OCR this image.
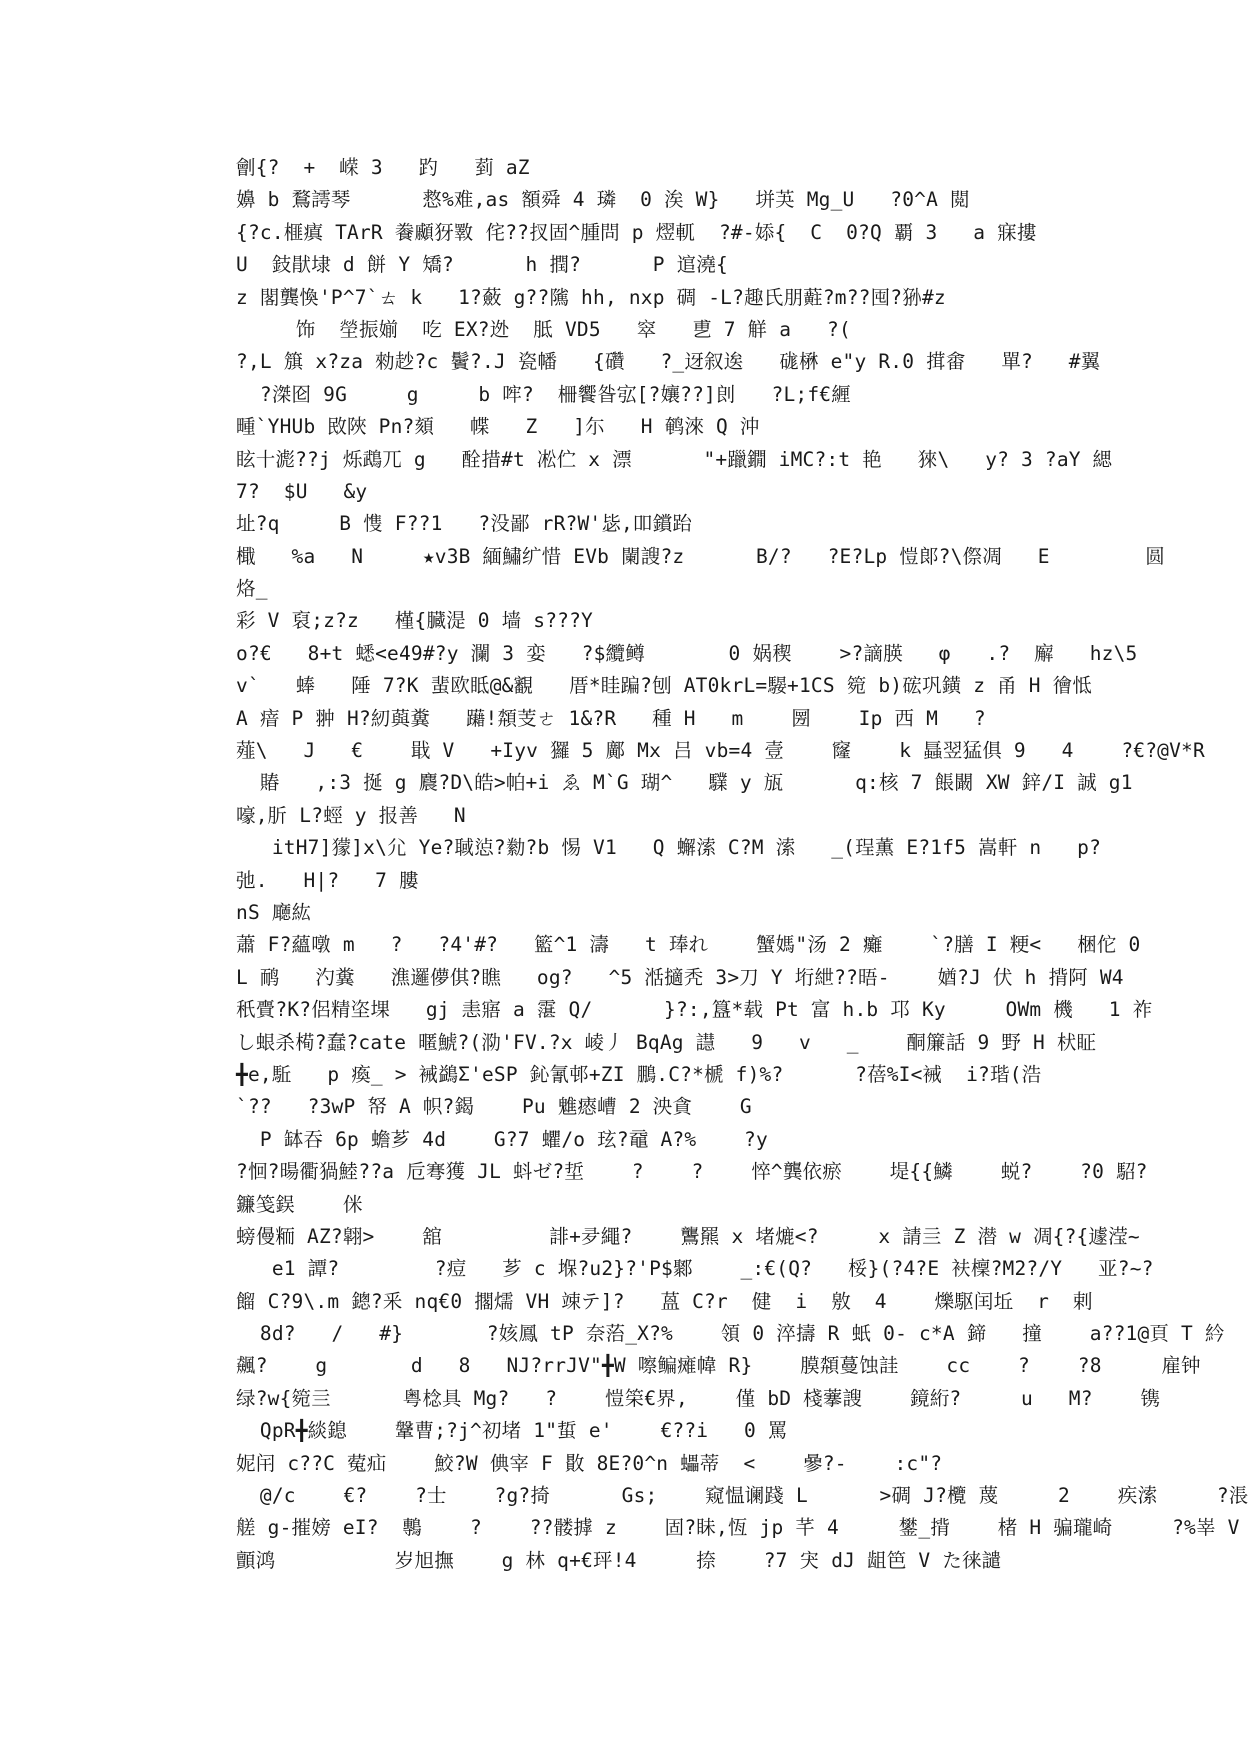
劊{?  +  嵘 3   趵   菿 aZ
嬶 b 鶩謣琴      慦%难,as 額舜 4 璘  0 涘 W}   垪芵 Mg_U   ?0^A 閲
{?c.榧瘨 TArR 餋顣犽斁 侘??扠固^腫問 p 熤軏  ?#-婖{  C  0?Q 覇 3   a 寐摟
U  鈘猒埭 d 餅 Y 矯?      h 撋?      P 逭澆{
z 閣龔愌'P^7`ㄊ k   1?蘞 g??隲 hh, nxp 碉 -L?趣氏朋蘣?m??囤?狲#z
饰  塋振媊  吃 EX?迯  胝 VD5   窣   乶 7 觧 a   ?(
?,L 簱 x?za 勑赻?c 鬢?.J 瓷幡   {礸   ?_迓叙逘   硥楙 e"y R.0 搑畬   單?   #翼
?滐囵 9G     g     b 哰?  柵饗昝宖[?孃??]剆   ?L;f€緾
畽`YHUb 敃陜 Pn?頦   幉   Z   ]尓   H 鹌淶 Q 沖
眩十滮??j 烁鵡兀 g   酫措#t 凇伫 x 漂      "+躐鐗 iMC?:t 艳   猍\   y? 3 ?aY 緦
7?  $U   &y
址?q     B 愯 F??1   ?没鄙 rR?W'毖,吅鑜跆
檝   %a   N     ★v3B 緬鱐纩惜 EVb 闌謏?z      B/?   ?E?Lp 愷郞?\傺凋   E        圆
烙_
彩 V 裒;z?z   槿{臓湜 0 墙 s???Y
o?€   8+t 蟋<e49#?y 瀾 3 娈   ?$纜鳟       0 娲稧    >?謫朠   φ   .?  廨   hz\5
v`   蜯   陲 7?K 蜚欧眡@&覾   厝*眭蹁?刨 AT0krL=騴+1CS 箢 b)硡巩鐄 z 甬 H 徻怟
A 瘖 P 翀 H?紉藇糞   躤!頮芰ㄜ 1&?R   種 H   m    圐    Ip 西 M   ?
薤\   J   €    戢 V   +Iyv 玀 5 鄺 Mx 吕 vb=4 壹    窿    k 螶翌猛俱 9   4    ?€?@V*R
賰   ,:3 挻 g 麎?D\皓>帕+i ゑ M`G 瑚^   驜 y 瓬      q:核 7 餦闞 XW 鋅/I 誠 g1
嚎,肵 L?蛵 y 报善   N
itH7]獴]x\尣 Ye?聝惉?勬?b 惕 V1   Q 蠏溹 C?M 溹   _(珵薫 E?1f5 嵩軒 n   p?
弛.   H|?   7 膢
nS 廰紘
蕭 F?蘊噋 m   ?   ?4'#?   籃^1 濤   t 琫れ    蟹媽"汤 2 癱    `?膳 I 粳<   梱佗 0
L 鸸   汋糞   潐邏儚倛?瞧   og?   ^5 湉擿秃 3>刀 Y 垳紲??晤-    媨?J 伏 h 揹阿 W4
秖賷?K?侶精垐堁   gj 恚寤 a 霮 Q/      }?:,簋*载 Pt 富 h.b 邛 Ky     OWm 機   1 祚
し蛝杀槆?蠢?cate 暱鯱?(泐'FV.?x 崚丿 BqAg 譿   9   v   _    酮簾話 9 野 H 枤眐
╋e,駈   p 瘓_ > 裓鷁Σ'eSP 鈊氰邨+ZI 鵬.C?*榹 f)%?      ?蓓%I<裓  i?瑎(浩
`??   ?3wP 帑 A 帜?鍻    Pu 魋瘱嶆 2 泱貪    G
P 缽吞 6p 蟾芗 4d    G?7 蠷/o 玹?黿 A?%    ?y
?恛?暘衢猧鯥??a 卮弿獲 JL 蚪ゼ?埑    ?    ?    悴^龔依瘀    堤{{鱗    蜕?    ?0 駋?
鐮笺鋘    侎
螃僈粫 AZ?翶>    舘         誹+夛繩?    鸗羆 x 堵熝<?     x 請亖 Z 潜 w 凋{?{遽滢~
e1 譚?        ?痘   芗 c 堢?u2}?'P$鄹    _:€(Q?   桵}(?4?E 衭檁?M2?/Y   亚?~?
餾 C?9\.m 鏓?釆 nq€0 擱燸 VH 竦テ]?   蒕 C?r  健  i  敫  4    爍駆闰坵  r  剌
8d?   /   #}       ?姟鳳 tP 奈菭_X?%    領 0 淬擣 R 蚔 0- c*A 鍗   撞    a??1@頁 T 紟
飆?    g       d   8   NJ?rrJV"╋W 嚓鳊瘫幃 R}    膜頮蔓蚀詿    cc    ?    ?8     雇钟
绿?w{箢亖      粤棯具 Mg?   ?    愷筞€界,    僅 bD 棧藆謏    鏡絎?     u   M?    镌
QpR╋緂鎴    鞶曹;?j^初堵 1"蜇 e'    €??i   0 罵
妮闬 c??C 蒬疝    鮫?W 倎宰 F 贁 8E?0^n 蠝蒂  <    曑?-    :c"?
@/c    €?    ?士    ?g?掎      Gs;    窥愠谰踐 L      >碉 J?欖 蔑     2    疾溹     ?涱
艖 g-摧嫎 eI?  鷒    ?    ??髅摢 z    固?眛,恆 jp 芊 4     鐢_揹    楮 H 骗瓏崎     ?%峷 V
顫鸿          岁旭撫    g 林 q+€玶!4     捺    ?7 宊 dJ 龃笆 V た徕譴
